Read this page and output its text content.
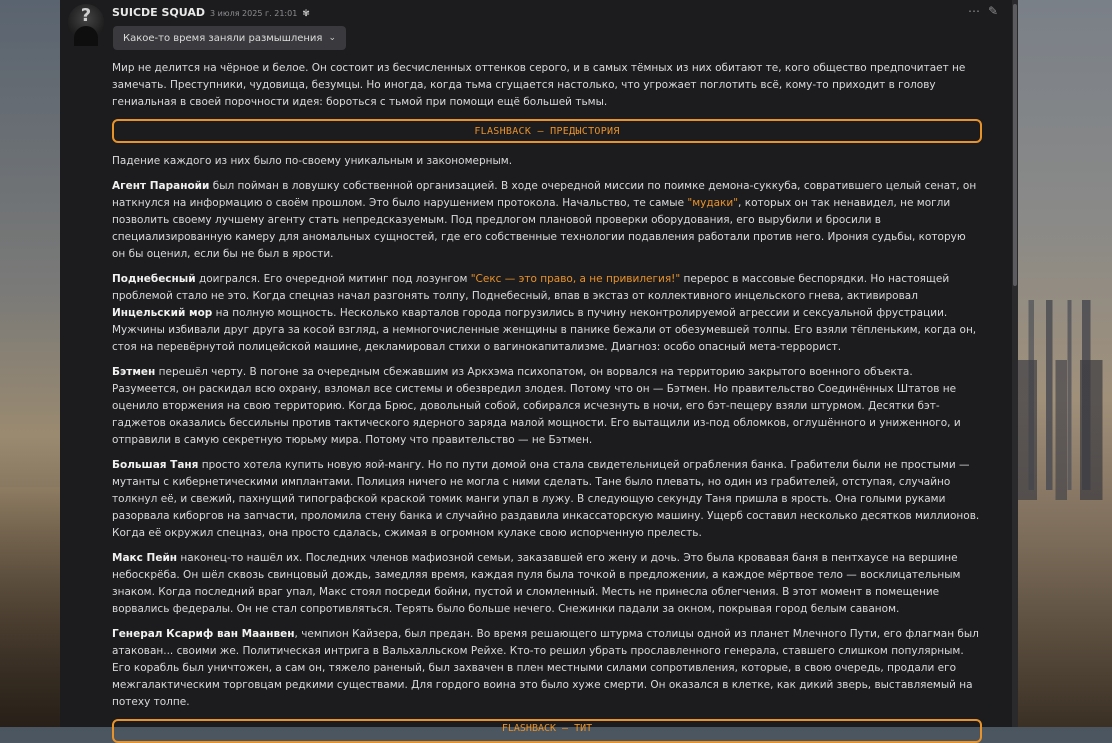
?	SUICDE SQUAD 3 июля 2025 г. 21:01 ✾	⋯ ✎
Какое-то время заняли размышления ⌄

Мир не делится на чёрное и белое. Он состоит из бесчисленных оттенков серого, и в самых тёмных из них обитают те, кого общество предпочитает не замечать. Преступники, чудовища, безумцы. Но иногда, когда тьма сгущается настолько, что угрожает поглотить всё, кому-то приходит в голову гениальная в своей порочности идея: бороться с тьмой при помощи ещё большей тьмы.

FLASHBACK — ПРЕДЫСТОРИЯ

Падение каждого из них было по-своему уникальным и закономерным.

Агент Паранойи был пойман в ловушку собственной организацией. В ходе очередной миссии по поимке демона-суккуба, совратившего целый сенат, он наткнулся на информацию о своём прошлом. Это было нарушением протокола. Начальство, те самые "мудаки", которых он так ненавидел, не могли позволить своему лучшему агенту стать непредсказуемым. Под предлогом плановой проверки оборудования, его вырубили и бросили в специализированную камеру для аномальных сущностей, где его собственные технологии подавления работали против него. Ирония судьбы, которую он бы оценил, если бы не был в ярости.

Поднебесный доигрался. Его очередной митинг под лозунгом "Секс — это право, а не привилегия!" перерос в массовые беспорядки. Но настоящей проблемой стало не это. Когда спецназ начал разгонять толпу, Поднебесный, впав в экстаз от коллективного инцельского гнева, активировал Инцельский мор на полную мощность. Несколько кварталов города погрузились в пучину неконтролируемой агрессии и сексуальной фрустрации. Мужчины избивали друг друга за косой взгляд, а немногочисленные женщины в панике бежали от обезумевшей толпы. Его взяли тёпленьким, когда он, стоя на перевёрнутой полицейской машине, декламировал стихи о вагинокапитализме. Диагноз: особо опасный мета-террорист.

Бэтмен перешёл черту. В погоне за очередным сбежавшим из Аркхэма психопатом, он ворвался на территорию закрытого военного объекта. Разумеется, он раскидал всю охрану, взломал все системы и обезвредил злодея. Потому что он — Бэтмен. Но правительство Соединённых Штатов не оценило вторжения на свою территорию. Когда Брюс, довольный собой, собирался исчезнуть в ночи, его бэт-пещеру взяли штурмом. Десятки бэт-гаджетов оказались бессильны против тактического ядерного заряда малой мощности. Его вытащили из-под обломков, оглушённого и униженного, и отправили в самую секретную тюрьму мира. Потому что правительство — не Бэтмен.

Большая Таня просто хотела купить новую яой-мангу. Но по пути домой она стала свидетельницей ограбления банка. Грабители были не простыми — мутанты с кибернетическими имплантами. Полиция ничего не могла с ними сделать. Тане было плевать, но один из грабителей, отступая, случайно толкнул её, и свежий, пахнущий типографской краской томик манги упал в лужу. В следующую секунду Таня пришла в ярость. Она голыми руками разорвала киборгов на запчасти, проломила стену банка и случайно раздавила инкассаторскую машину. Ущерб составил несколько десятков миллионов. Когда её окружил спецназ, она просто сдалась, сжимая в огромном кулаке свою испорченную прелесть.

Макс Пейн наконец-то нашёл их. Последних членов мафиозной семьи, заказавшей его жену и дочь. Это была кровавая баня в пентхаусе на вершине небоскрёба. Он шёл сквозь свинцовый дождь, замедляя время, каждая пуля была точкой в предложении, а каждое мёртвое тело — восклицательным знаком. Когда последний враг упал, Макс стоял посреди бойни, пустой и сломленный. Месть не принесла облегчения. В этот момент в помещение ворвались федералы. Он не стал сопротивляться. Терять было больше нечего. Снежинки падали за окном, покрывая город белым саваном.

Генерал Ксариф ван Маанвен, чемпион Кайзера, был предан. Во время решающего штурма столицы одной из планет Млечного Пути, его флагман был атакован... своими же. Политическая интрига в Вальхалльском Рейхе. Кто-то решил убрать прославленного генерала, ставшего слишком популярным. Его корабль был уничтожен, а сам он, тяжело раненый, был захвачен в плен местными силами сопротивления, которые, в свою очередь, продали его межгалактическим торговцам редкими существами. Для гордого воина это было хуже смерти. Он оказался в клетке, как дикий зверь, выставляемый на потеху толпе.

FLASHBACK — ТИТ
